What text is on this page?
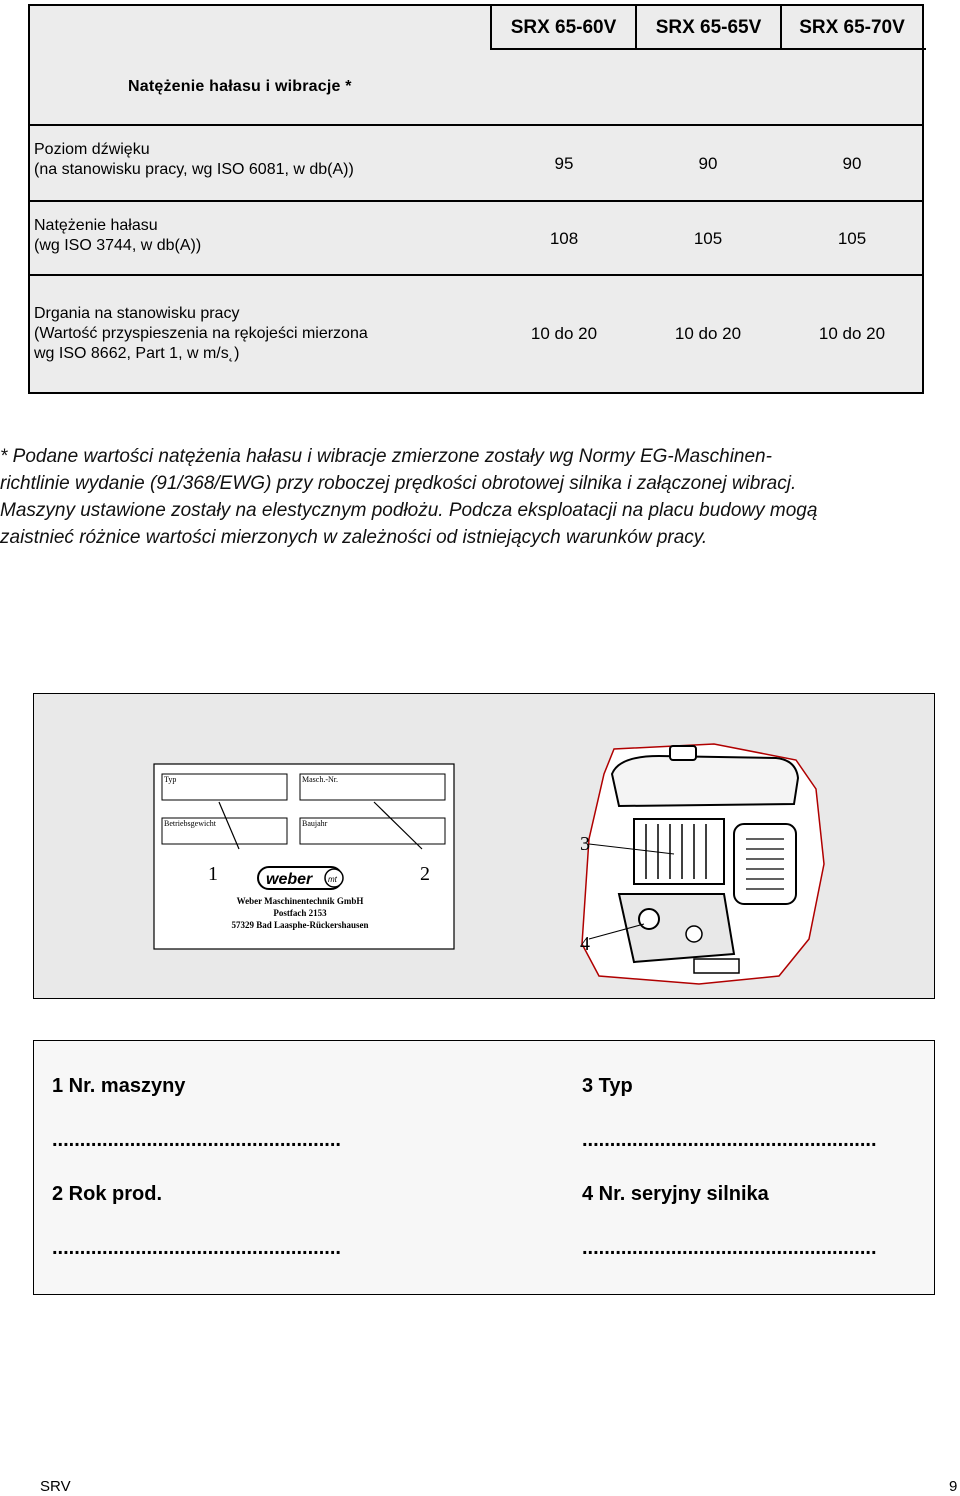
SRX 65-60V	SRX 65-65V	SRX 65-70V
Natężenie hałasu i wibracje *
Poziom dźwięku
(na stanowisku pracy, wg ISO 6081, w db(A))	95	90	90
Natężenie hałasu
(wg ISO 3744, w db(A))	108	105	105
Drgania na stanowisku pracy
(Wartość przyspieszenia na rękojeści mierzona
wg ISO 8662, Part 1, w m/s˛)
10 do 20	10 do 20	10 do 20
* Podane wartości natężenia hałasu i wibracje zmierzone zostały wg Normy EG-Maschinen-
richtlinie wydanie (91/368/EWG) przy roboczej prędkości obrotowej silnika i załączonej wibracj.
Maszyny ustawione zostały na elestycznym podłożu. Podcza eksploatacji na placu budowy mogą
zaistnieć różnice wartości mierzonych w zależności od istniejących warunków pracy.
Typ	Masch.-Nr.
Betriebsgewicht	Baujahr
1	2
weber mt
Weber Maschinentechnik GmbH
Postfach 2153
57329 Bad Laasphe-Rückershausen
3
4
1 Nr. maszyny
....................................................
2 Rok prod.
....................................................
3 Typ
.....................................................
4 Nr. seryjny silnika
.....................................................
SRV	9
